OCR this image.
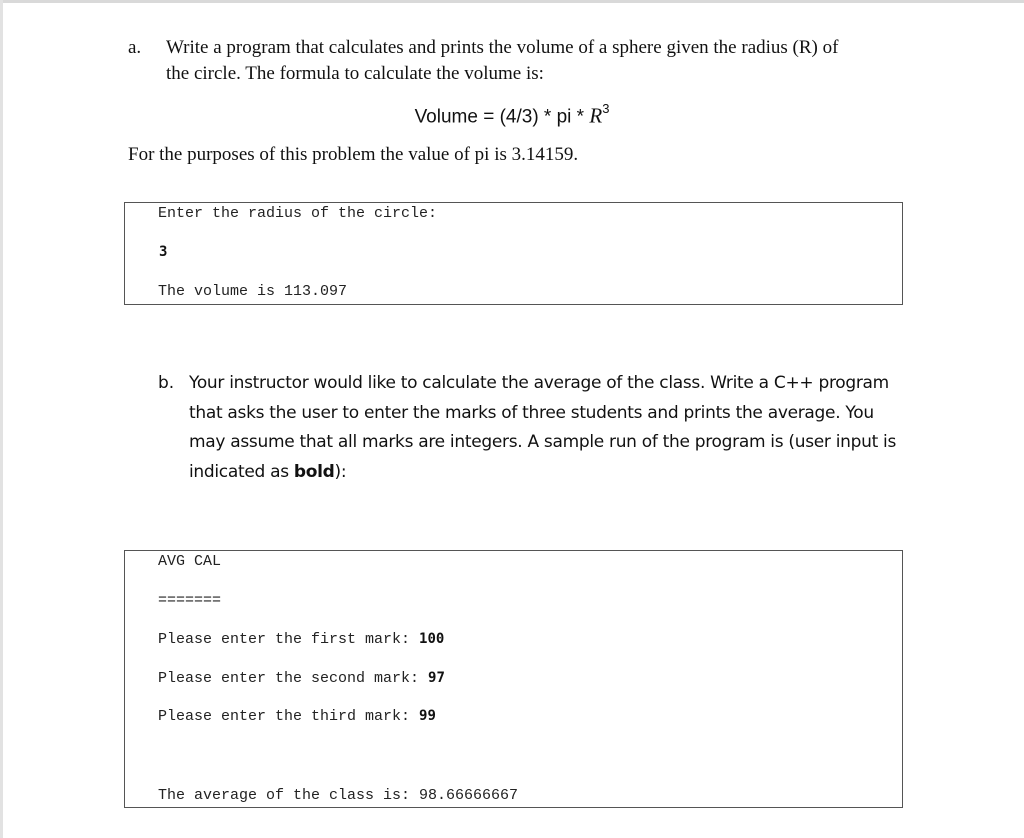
a. Write a program that calculates and prints the volume of a sphere given the radius (R) of
the circle. The formula to calculate the volume is:
Volume = (4/3) * pi * $R^3$
For the purposes of this problem the value of pi is 3.14159.
Enter the radius of the circle:
3
The volume is 113.097
b. Your instructor would like to calculate the average of the class. Write a C++ program
that asks the user to enter the marks of three students and prints the average. You
may assume that all marks are integers. A sample run of the program is (user input is
indicated as bold):
AVG CAL
=======
Please enter the first mark: 100
Please enter the second mark: 97
Please enter the third mark: 99
The average of the class is: 98.66666667
